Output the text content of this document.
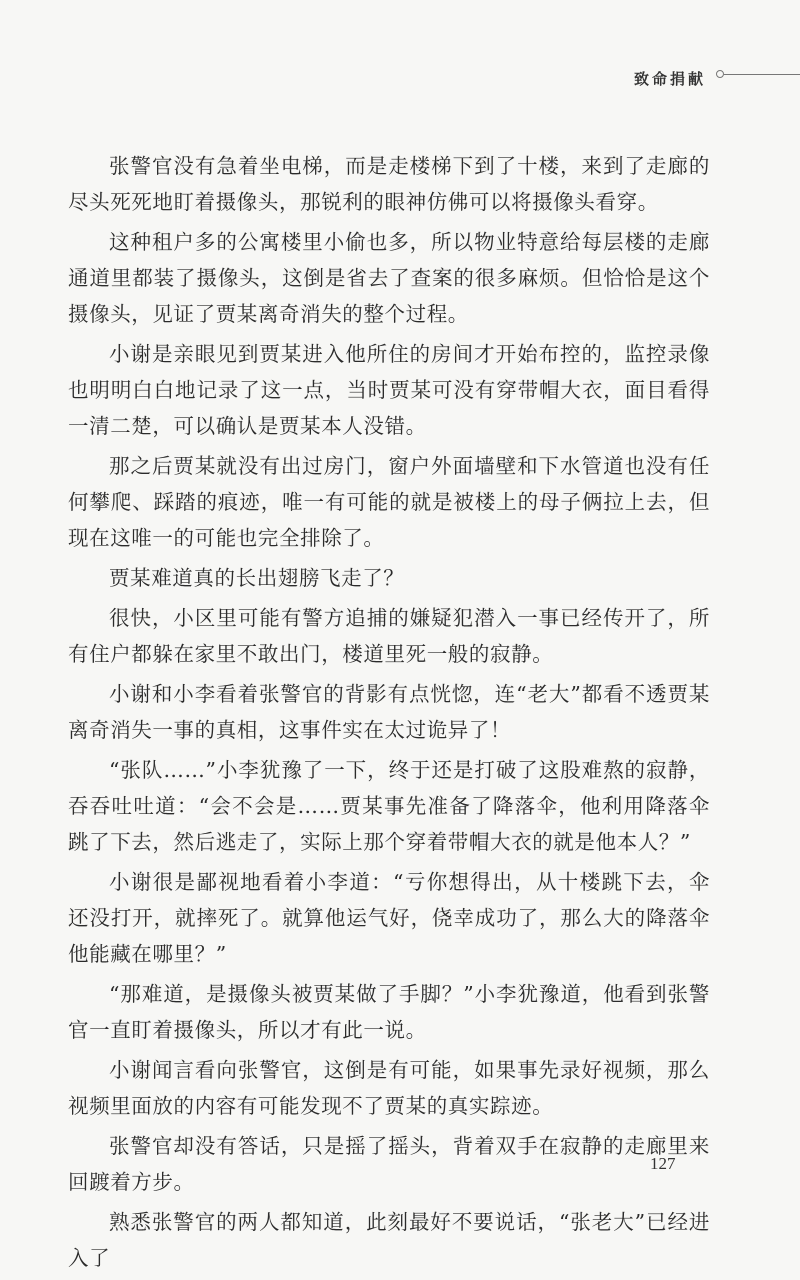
致命捐献

张警官没有急着坐电梯，而是走楼梯下到了十楼，来到了走廊的尽头死死地盯着摄像头，那锐利的眼神仿佛可以将摄像头看穿。

这种租户多的公寓楼里小偷也多，所以物业特意给每层楼的走廊通道里都装了摄像头，这倒是省去了查案的很多麻烦。但恰恰是这个摄像头，见证了贾某离奇消失的整个过程。

小谢是亲眼见到贾某进入他所住的房间才开始布控的，监控录像也明明白白地记录了这一点，当时贾某可没有穿带帽大衣，面目看得一清二楚，可以确认是贾某本人没错。

那之后贾某就没有出过房门，窗户外面墙壁和下水管道也没有任何攀爬、踩踏的痕迹，唯一有可能的就是被楼上的母子俩拉上去，但现在这唯一的可能也完全排除了。

贾某难道真的长出翅膀飞走了？

很快，小区里可能有警方追捕的嫌疑犯潜入一事已经传开了，所有住户都躲在家里不敢出门，楼道里死一般的寂静。

小谢和小李看着张警官的背影有点恍惚，连“老大”都看不透贾某离奇消失一事的真相，这事件实在太过诡异了！

“张队……”小李犹豫了一下，终于还是打破了这股难熬的寂静，吞吞吐吐道：“会不会是……贾某事先准备了降落伞，他利用降落伞跳了下去，然后逃走了，实际上那个穿着带帽大衣的就是他本人？”

小谢很是鄙视地看着小李道：“亏你想得出，从十楼跳下去，伞还没打开，就摔死了。就算他运气好，侥幸成功了，那么大的降落伞他能藏在哪里？”

“那难道，是摄像头被贾某做了手脚？”小李犹豫道，他看到张警官一直盯着摄像头，所以才有此一说。

小谢闻言看向张警官，这倒是有可能，如果事先录好视频，那么视频里面放的内容有可能发现不了贾某的真实踪迹。

张警官却没有答话，只是摇了摇头，背着双手在寂静的走廊里来回踱着方步。

熟悉张警官的两人都知道，此刻最好不要说话，“张老大”已经进入了

127
